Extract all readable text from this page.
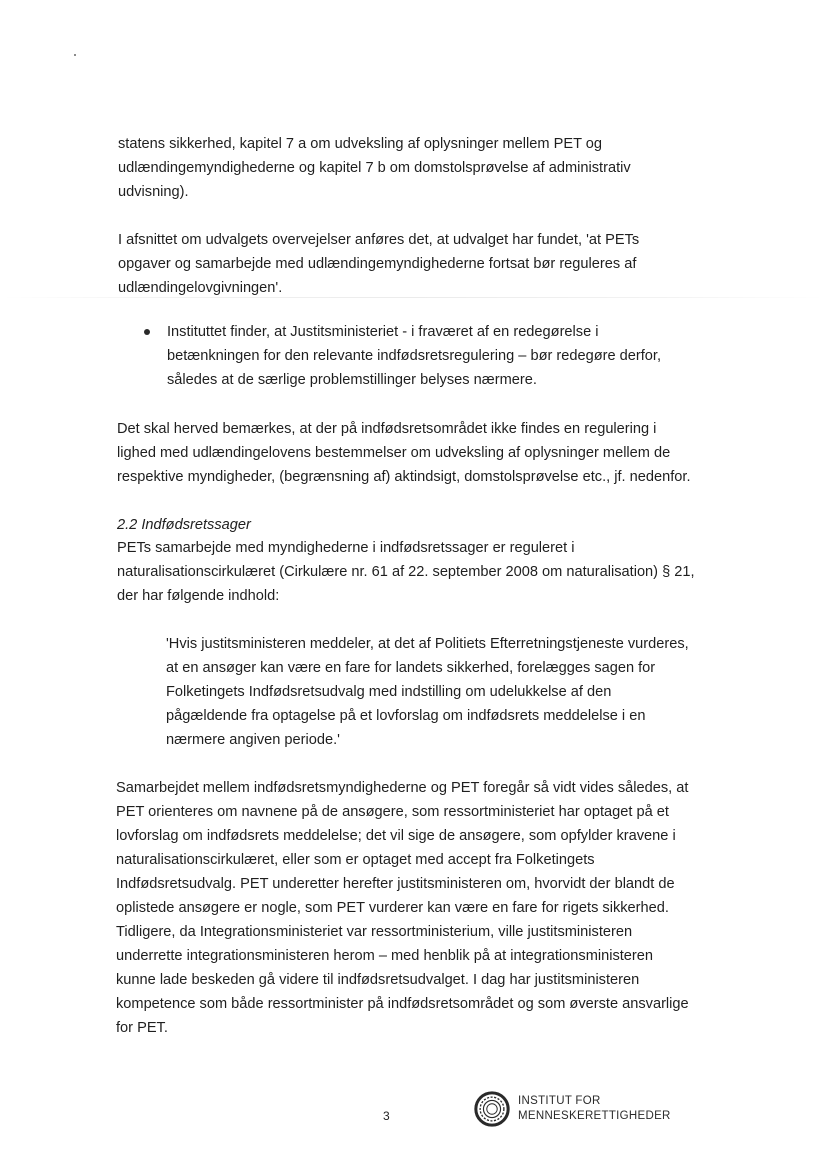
statens sikkerhed, kapitel 7 a om udveksling af oplysninger mellem PET og
udlændingemyndighederne og kapitel 7 b om domstolsprøvelse af administrativ
udvisning).
I afsnittet om udvalgets overvejelser anføres det, at udvalget har fundet, 'at PETs
opgaver og samarbejde med udlændingemyndighederne fortsat bør reguleres af
udlændingelovgivningen'.
Instituttet finder, at Justitsministeriet - i fraværet af en redegørelse i
betænkningen for den relevante indfødsretsregulering – bør redegøre derfor,
således at de særlige problemstillinger belyses nærmere.
Det skal herved bemærkes, at der på indfødsretsområdet ikke findes en regulering i
lighed med udlændingelovens bestemmelser om udveksling af oplysninger mellem de
respektive myndigheder, (begrænsning af) aktindsigt, domstolsprøvelse etc., jf. nedenfor.
2.2 Indfødsretssager
PETs samarbejde med myndighederne i indfødsretssager er reguleret i
naturalisationscirkulæret (Cirkulære nr. 61 af 22. september 2008 om naturalisation) § 21,
der har følgende indhold:
'Hvis justitsministeren meddeler, at det af Politiets Efterretningstjeneste vurderes,
at en ansøger kan være en fare for landets sikkerhed, forelægges sagen for
Folketingets Indfødsretsudvalg med indstilling om udelukkelse af den
pågældende fra optagelse på et lovforslag om indfødsrets meddelelse i en
nærmere angiven periode.'
Samarbejdet mellem indfødsretsmyndighederne og PET foregår så vidt vides således, at
PET orienteres om navnene på de ansøgere, som ressortministeriet har optaget på et
lovforslag om indfødsrets meddelelse; det vil sige de ansøgere, som opfylder kravene i
naturalisationscirkulæret, eller som er optaget med accept fra Folketingets
Indfødsretsudvalg. PET underetter herefter justitsministeren om, hvorvidt der blandt de
oplistede ansøgere er nogle, som PET vurderer kan være en fare for rigets sikkerhed.
Tidligere, da Integrationsministeriet var ressortministerium, ville justitsministeren
underrette integrationsministeren herom – med henblik på at integrationsministeren
kunne lade beskeden gå videre til indfødsretsudvalget. I dag har justitsministeren
kompetence som både ressortminister på indfødsretsområdet og som øverste ansvarlige
for PET.
3
INSTITUT FOR
MENNESKERETTIGHEDER
